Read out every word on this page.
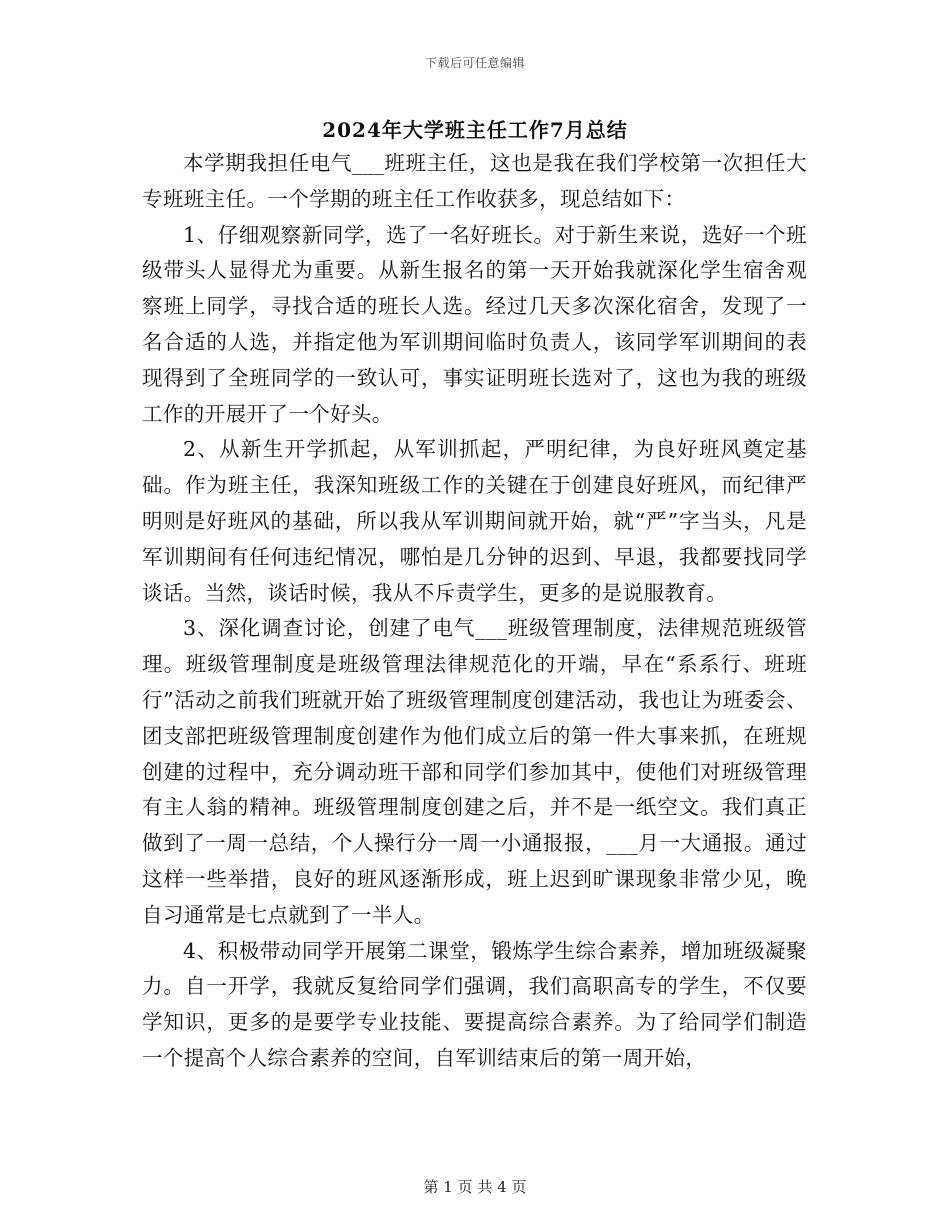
下载后可任意编辑
2024年大学班主任工作7月总结

本学期我担任电气___班班主任，这也是我在我们学校第一次担任大专班班主任。一个学期的班主任工作收获多，现总结如下：

1、仔细观察新同学，选了一名好班长。对于新生来说，选好一个班级带头人显得尤为重要。从新生报名的第一天开始我就深化学生宿舍观察班上同学，寻找合适的班长人选。经过几天多次深化宿舍，发现了一名合适的人选，并指定他为军训期间临时负责人，该同学军训期间的表现得到了全班同学的一致认可，事实证明班长选对了，这也为我的班级工作的开展开了一个好头。

2、从新生开学抓起，从军训抓起，严明纪律，为良好班风奠定基础。作为班主任，我深知班级工作的关键在于创建良好班风，而纪律严明则是好班风的基础，所以我从军训期间就开始，就“严”字当头，凡是军训期间有任何违纪情况，哪怕是几分钟的迟到、早退，我都要找同学谈话。当然，谈话时候，我从不斥责学生，更多的是说服教育。

3、深化调查讨论，创建了电气___班级管理制度，法律规范班级管理。班级管理制度是班级管理法律规范化的开端，早在“系系行、班班行”活动之前我们班就开始了班级管理制度创建活动，我也让为班委会、团支部把班级管理制度创建作为他们成立后的第一件大事来抓，在班规创建的过程中，充分调动班干部和同学们参加其中，使他们对班级管理有主人翁的精神。班级管理制度创建之后，并不是一纸空文。我们真正做到了一周一总结，个人操行分一周一小通报报，___月一大通报。通过这样一些举措，良好的班风逐渐形成，班上迟到旷课现象非常少见，晚自习通常是七点就到了一半人。

4、积极带动同学开展第二课堂，锻炼学生综合素养，增加班级凝聚力。自一开学，我就反复给同学们强调，我们高职高专的学生，不仅要学知识，更多的是要学专业技能、要提高综合素养。为了给同学们制造一个提高个人综合素养的空间，自军训结束后的第一周开始，

第 1 页 共 4 页
